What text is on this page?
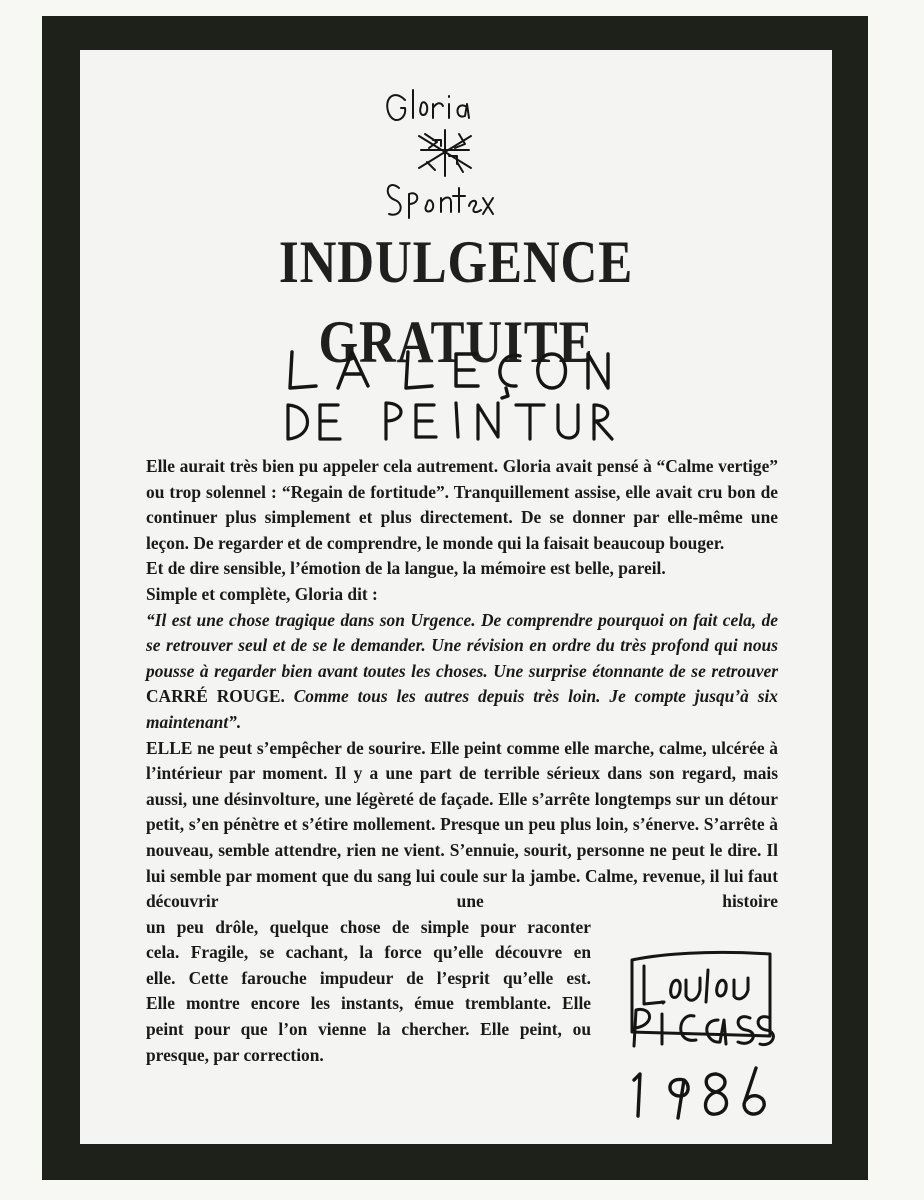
INDULGENCE GRATUITE

Elle aurait très bien pu appeler cela autrement. Gloria avait pensé à “Calme vertige” ou trop solennel : “Regain de fortitude”. Tranquillement assise, elle avait cru bon de continuer plus simplement et plus directement. De se donner par elle-même une leçon. De regarder et de comprendre, le monde qui la faisait beaucoup bouger.

Et de dire sensible, l’émotion de la langue, la mémoire est belle, pareil.

Simple et complète, Gloria dit :

“Il est une chose tragique dans son Urgence. De comprendre pourquoi on fait cela, de se retrouver seul et de se le demander. Une révision en ordre du très profond qui nous pousse à regarder bien avant toutes les choses. Une surprise étonnante de se retrouver CARRÉ ROUGE. Comme tous les autres depuis très loin. Je compte jusqu’à six maintenant”.

ELLE ne peut s’empêcher de sourire. Elle peint comme elle marche, calme, ulcérée à l’intérieur par moment. Il y a une part de terrible sérieux dans son regard, mais aussi, une désinvolture, une légèreté de façade. Elle s’arrête longtemps sur un détour petit, s’en pénètre et s’étire mollement. Presque un peu plus loin, s’énerve. S’arrête à nouveau, semble attendre, rien ne vient. S’ennuie, sourit, personne ne peut le dire. Il lui semble par moment que du sang lui coule sur la jambe. Calme, revenue, il lui faut découvrir une histoire

un peu drôle, quelque chose de simple pour raconter
cela. Fragile, se cachant, la force qu’elle découvre en
elle. Cette farouche impudeur de l’esprit qu’elle est.
Elle montre encore les instants, émue tremblante. Elle
peint pour que l’on vienne la chercher. Elle peint, ou
presque, par correction.
